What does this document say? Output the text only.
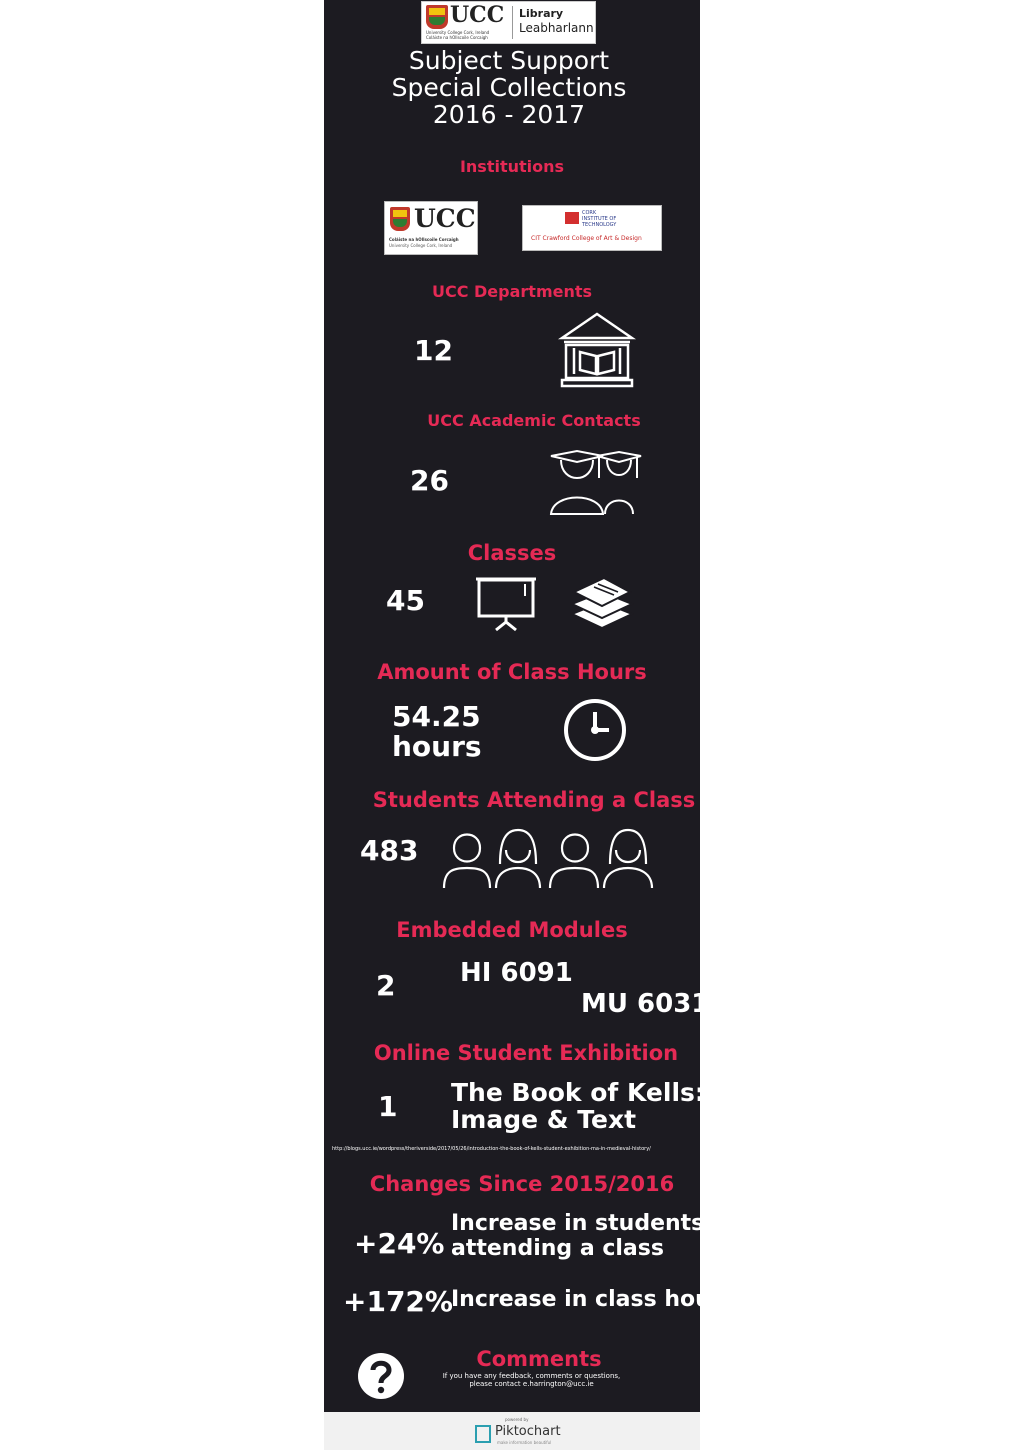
UCC
University College Cork, Ireland
Coláiste na hOllscoile Corcaigh
Library
Leabharlann
Subject Support
Special Collections
2016 - 2017
Institutions
UCC
Coláiste na hOllscoile Corcaigh
University College Cork, Ireland
CORK
INSTITUTE OF
TECHNOLOGY
CIT Crawford College of Art & Design
UCC Departments
12
UCC Academic Contacts
26
Classes
45
Amount of Class Hours
54.25
hours
Students Attending a Class
483
Embedded Modules
2 HI 6091
MU 6031
Online Student Exhibition
1 The Book of Kells:
Image & Text
http://blogs.ucc.ie/wordpress/theriverside/2017/05/26/introduction-the-book-of-kells-student-exhibition-ma-in-medieval-history/
Changes Since 2015/2016
+24%
Increase in students
attending a class
+172%
Increase in class hours
Comments
If you have any feedback, comments or questions,
please contact e.harrington@ucc.ie
powered by
Piktochart
make information beautiful
